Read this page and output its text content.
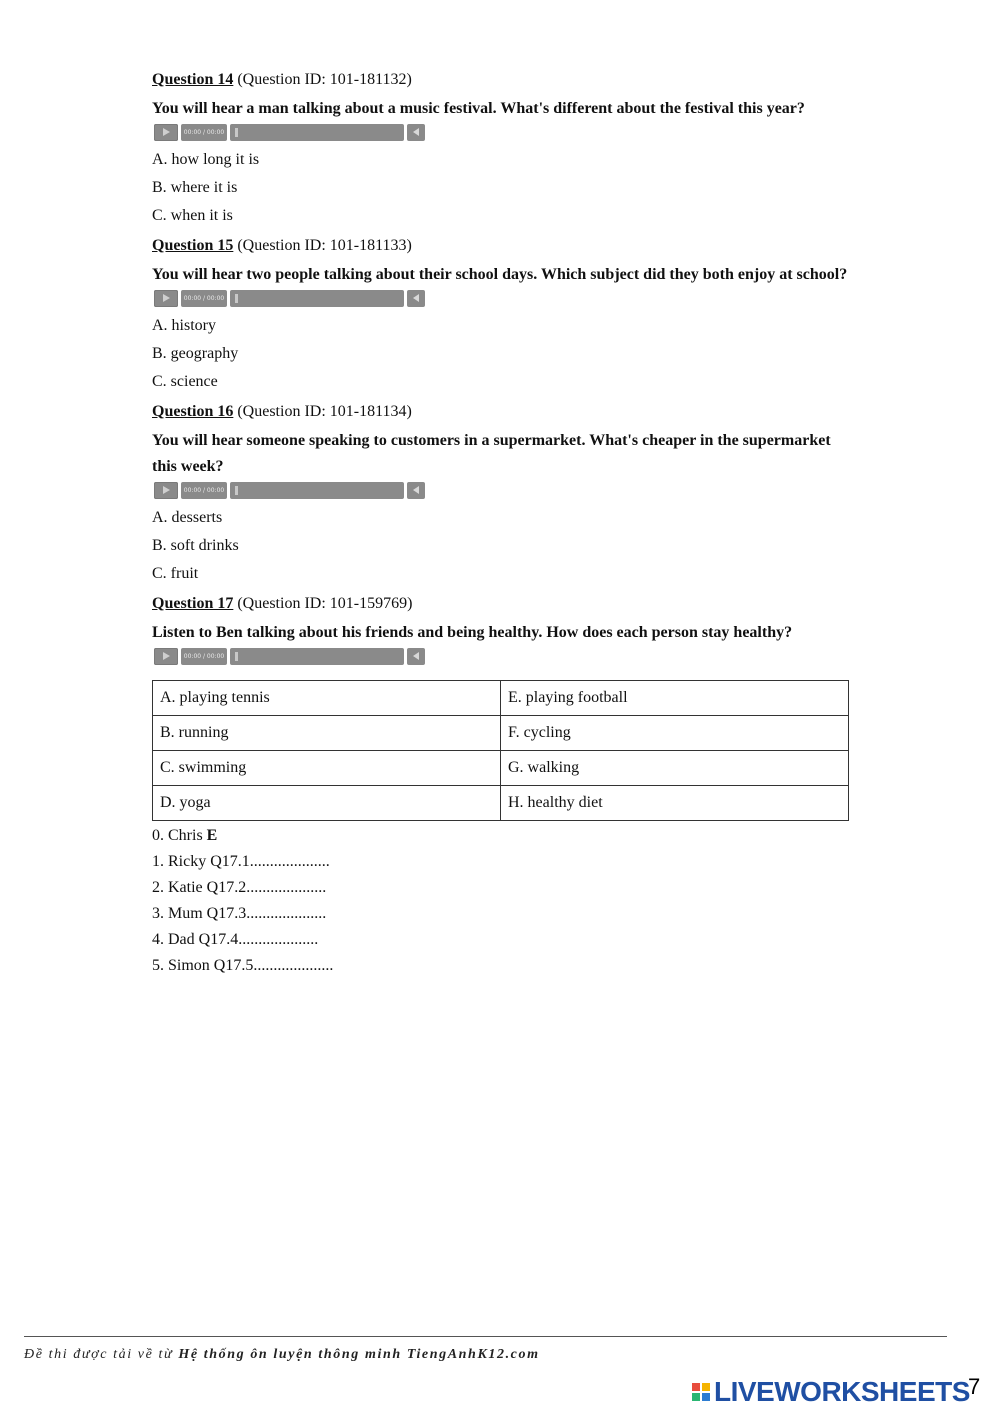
Question 14 (Question ID: 101-181132)
You will hear a man talking about a music festival. What's different about the festival this year?
00:00 / 00:00
A. how long it is
B. where it is
C. when it is
Question 15 (Question ID: 101-181133)
You will hear two people talking about their school days. Which subject did they both enjoy at school?
00:00 / 00:00
A. history
B. geography
C. science
Question 16 (Question ID: 101-181134)
You will hear someone speaking to customers in a supermarket. What's cheaper in the supermarket this week?
00:00 / 00:00
A. desserts
B. soft drinks
C. fruit
Question 17 (Question ID: 101-159769)
Listen to Ben talking about his friends and being healthy. How does each person stay healthy?
00:00 / 00:00
A. playing tennis	E. playing football
B. running	F. cycling
C. swimming	G. walking
D. yoga	H. healthy diet
0. Chris E
1. Ricky Q17.1....................
2. Katie Q17.2....................
3. Mum Q17.3....................
4. Dad Q17.4....................
5. Simon Q17.5....................
Đề thi được tải về từ Hệ thống ôn luyện thông minh TiengAnhK12.com
LIVEWORKSHEETS
7
